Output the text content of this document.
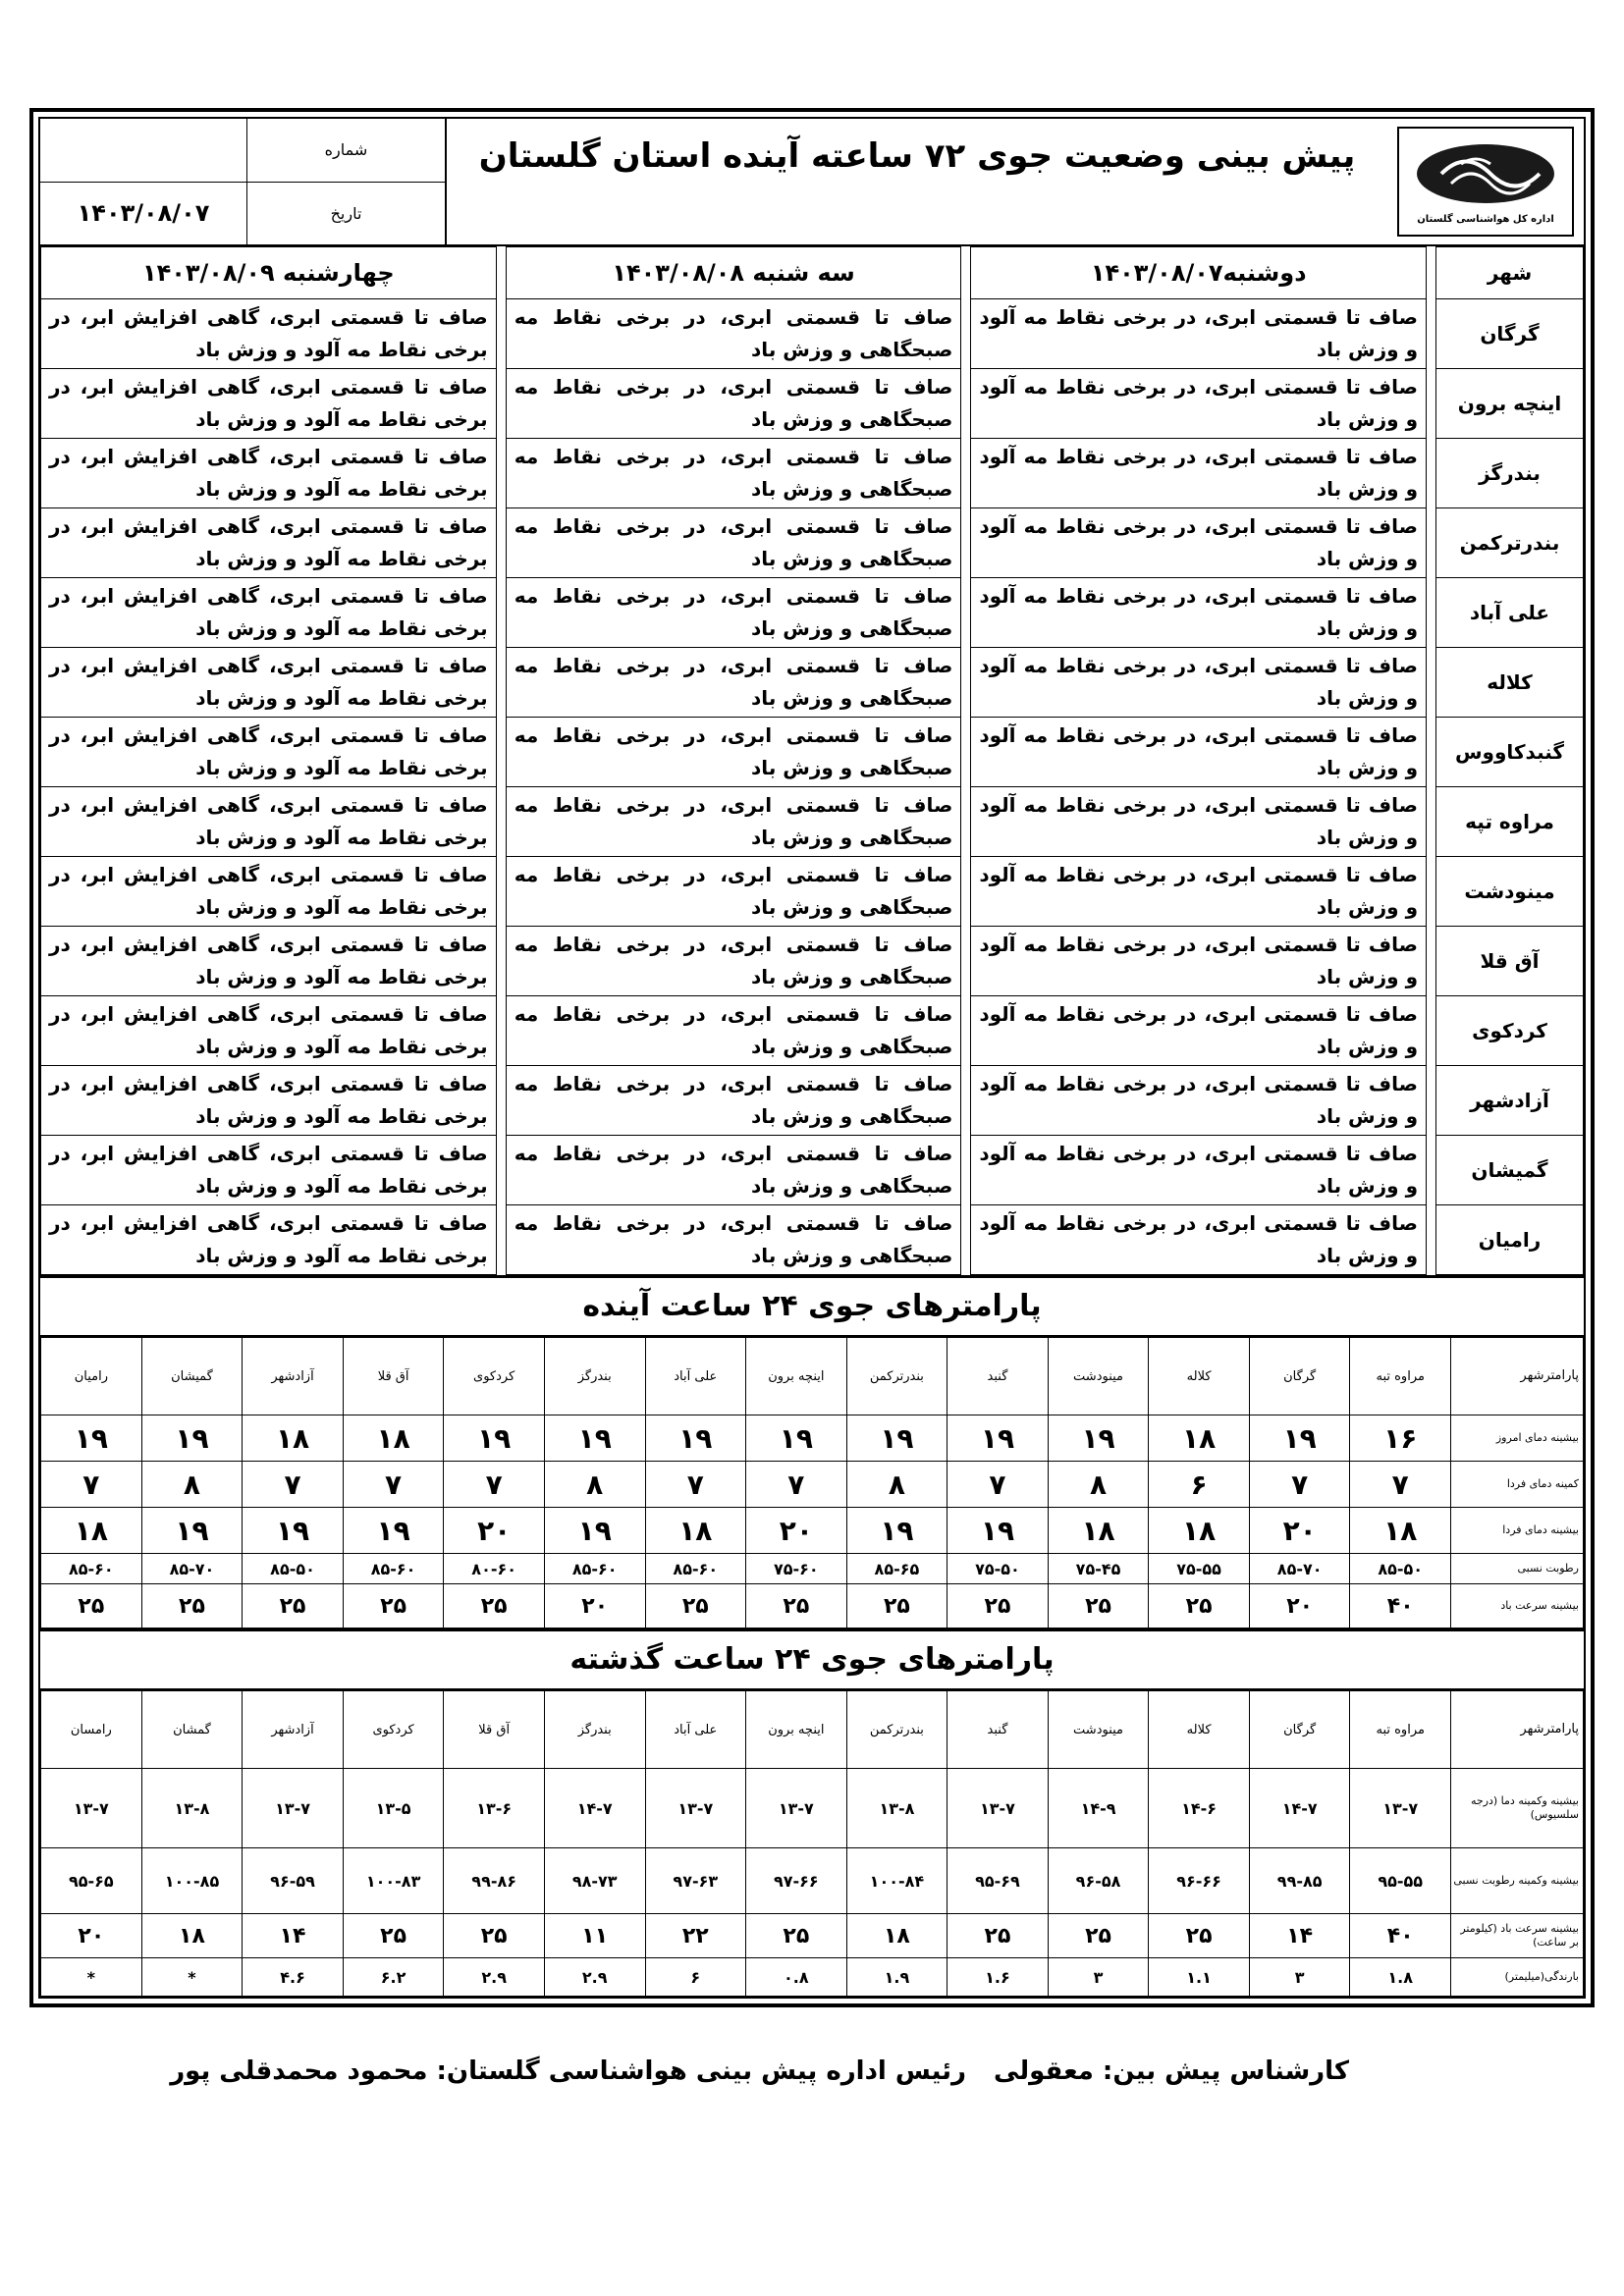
شماره
۱۴۰۳/۰۸/۰۷	تاریخ
پیش بینی وضعیت جوی ۷۲ ساعته آینده استان گلستان
اداره کل هواشناسی گلستان
شهر		دوشنبه۱۴۰۳/۰۸/۰۷		سه شنبه ۱۴۰۳/۰۸/۰۸		چهارشنبه ۱۴۰۳/۰۸/۰۹
گرگان		صاف تا قسمتی ابری، در برخی نقاط مه آلود و وزش باد		صاف تا قسمتی ابری، در برخی نقاط مه صبحگاهی و وزش باد		صاف تا قسمتی ابری، گاهی افزایش ابر، در برخی نقاط مه آلود و وزش باد
اینچه برون		صاف تا قسمتی ابری، در برخی نقاط مه آلود و وزش باد		صاف تا قسمتی ابری، در برخی نقاط مه صبحگاهی و وزش باد		صاف تا قسمتی ابری، گاهی افزایش ابر، در برخی نقاط مه آلود و وزش باد
بندرگز		صاف تا قسمتی ابری، در برخی نقاط مه آلود و وزش باد		صاف تا قسمتی ابری، در برخی نقاط مه صبحگاهی و وزش باد		صاف تا قسمتی ابری، گاهی افزایش ابر، در برخی نقاط مه آلود و وزش باد
بندرترکمن		صاف تا قسمتی ابری، در برخی نقاط مه آلود و وزش باد		صاف تا قسمتی ابری، در برخی نقاط مه صبحگاهی و وزش باد		صاف تا قسمتی ابری، گاهی افزایش ابر، در برخی نقاط مه آلود و وزش باد
علی آباد		صاف تا قسمتی ابری، در برخی نقاط مه آلود و وزش باد		صاف تا قسمتی ابری، در برخی نقاط مه صبحگاهی و وزش باد		صاف تا قسمتی ابری، گاهی افزایش ابر، در برخی نقاط مه آلود و وزش باد
کلاله		صاف تا قسمتی ابری، در برخی نقاط مه آلود و وزش باد		صاف تا قسمتی ابری، در برخی نقاط مه صبحگاهی و وزش باد		صاف تا قسمتی ابری، گاهی افزایش ابر، در برخی نقاط مه آلود و وزش باد
گنبدکاووس		صاف تا قسمتی ابری، در برخی نقاط مه آلود و وزش باد		صاف تا قسمتی ابری، در برخی نقاط مه صبحگاهی و وزش باد		صاف تا قسمتی ابری، گاهی افزایش ابر، در برخی نقاط مه آلود و وزش باد
مراوه تپه		صاف تا قسمتی ابری، در برخی نقاط مه آلود و وزش باد		صاف تا قسمتی ابری، در برخی نقاط مه صبحگاهی و وزش باد		صاف تا قسمتی ابری، گاهی افزایش ابر، در برخی نقاط مه آلود و وزش باد
مینودشت		صاف تا قسمتی ابری، در برخی نقاط مه آلود و وزش باد		صاف تا قسمتی ابری، در برخی نقاط مه صبحگاهی و وزش باد		صاف تا قسمتی ابری، گاهی افزایش ابر، در برخی نقاط مه آلود و وزش باد
آق قلا		صاف تا قسمتی ابری، در برخی نقاط مه آلود و وزش باد		صاف تا قسمتی ابری، در برخی نقاط مه صبحگاهی و وزش باد		صاف تا قسمتی ابری، گاهی افزایش ابر، در برخی نقاط مه آلود و وزش باد
کردکوی		صاف تا قسمتی ابری، در برخی نقاط مه آلود و وزش باد		صاف تا قسمتی ابری، در برخی نقاط مه صبحگاهی و وزش باد		صاف تا قسمتی ابری، گاهی افزایش ابر، در برخی نقاط مه آلود و وزش باد
آزادشهر		صاف تا قسمتی ابری، در برخی نقاط مه آلود و وزش باد		صاف تا قسمتی ابری، در برخی نقاط مه صبحگاهی و وزش باد		صاف تا قسمتی ابری، گاهی افزایش ابر، در برخی نقاط مه آلود و وزش باد
گمیشان		صاف تا قسمتی ابری، در برخی نقاط مه آلود و وزش باد		صاف تا قسمتی ابری، در برخی نقاط مه صبحگاهی و وزش باد		صاف تا قسمتی ابری، گاهی افزایش ابر، در برخی نقاط مه آلود و وزش باد
رامیان		صاف تا قسمتی ابری، در برخی نقاط مه آلود و وزش باد		صاف تا قسمتی ابری، در برخی نقاط مه صبحگاهی و وزش باد		صاف تا قسمتی ابری، گاهی افزایش ابر، در برخی نقاط مه آلود و وزش باد
پارامترهای جوی ۲۴ ساعت آینده
پارامترشهر	مراوه تبه	گرگان	کلاله	مینودشت	گنبد	بندرترکمن	اینچه برون	علی آباد	بندرگز	کردکوی	آق قلا	آزادشهر	گمیشان	رامیان
بیشینه دمای امروز	۱۶	۱۹	۱۸	۱۹	۱۹	۱۹	۱۹	۱۹	۱۹	۱۹	۱۸	۱۸	۱۹	۱۹
کمینه دمای فردا	۷	۷	۶	۸	۷	۸	۷	۷	۸	۷	۷	۷	۸	۷
بیشینه دمای فردا	۱۸	۲۰	۱۸	۱۸	۱۹	۱۹	۲۰	۱۸	۱۹	۲۰	۱۹	۱۹	۱۹	۱۸
رطوبت نسبی	۸۵-۵۰	۸۵-۷۰	۷۵-۵۵	۷۵-۴۵	۷۵-۵۰	۸۵-۶۵	۷۵-۶۰	۸۵-۶۰	۸۵-۶۰	۸۰-۶۰	۸۵-۶۰	۸۵-۵۰	۸۵-۷۰	۸۵-۶۰
بیشینه سرعت باد	۴۰	۲۰	۲۵	۲۵	۲۵	۲۵	۲۵	۲۵	۲۰	۲۵	۲۵	۲۵	۲۵	۲۵
پارامترهای جوی ۲۴ ساعت گذشته
پارامترشهر	مراوه تبه	گرگان	کلاله	مینودشت	گنبد	بندرترکمن	اینچه برون	علی آباد	بندرگز	آق قلا	کردکوی	آزادشهر	گمشان	رامسان
بیشینه وکمینه دما (درجه سلسیوس)	۱۳-۷	۱۴-۷	۱۴-۶	۱۴-۹	۱۳-۷	۱۳-۸	۱۳-۷	۱۳-۷	۱۴-۷	۱۳-۶	۱۳-۵	۱۳-۷	۱۳-۸	۱۳-۷
بیشینه وکمینه رطوبت نسبی	۹۵-۵۵	۹۹-۸۵	۹۶-۶۶	۹۶-۵۸	۹۵-۶۹	۱۰۰-۸۴	۹۷-۶۶	۹۷-۶۳	۹۸-۷۳	۹۹-۸۶	۱۰۰-۸۳	۹۶-۵۹	۱۰۰-۸۵	۹۵-۶۵
بیشینه سرعت باد (کیلومتر بر ساعت)	۴۰	۱۴	۲۵	۲۵	۲۵	۱۸	۲۵	۲۲	۱۱	۲۵	۲۵	۱۴	۱۸	۲۰
بارندگی(میلیمتر)	۱.۸	۳	۱.۱	۳	۱.۶	۱.۹	۰.۸	۶	۲.۹	۲.۹	۶.۲	۴.۶	*	*
کارشناس پیش بین: معقولی
رئیس اداره پیش بینی هواشناسی گلستان: محمود محمدقلی پور
